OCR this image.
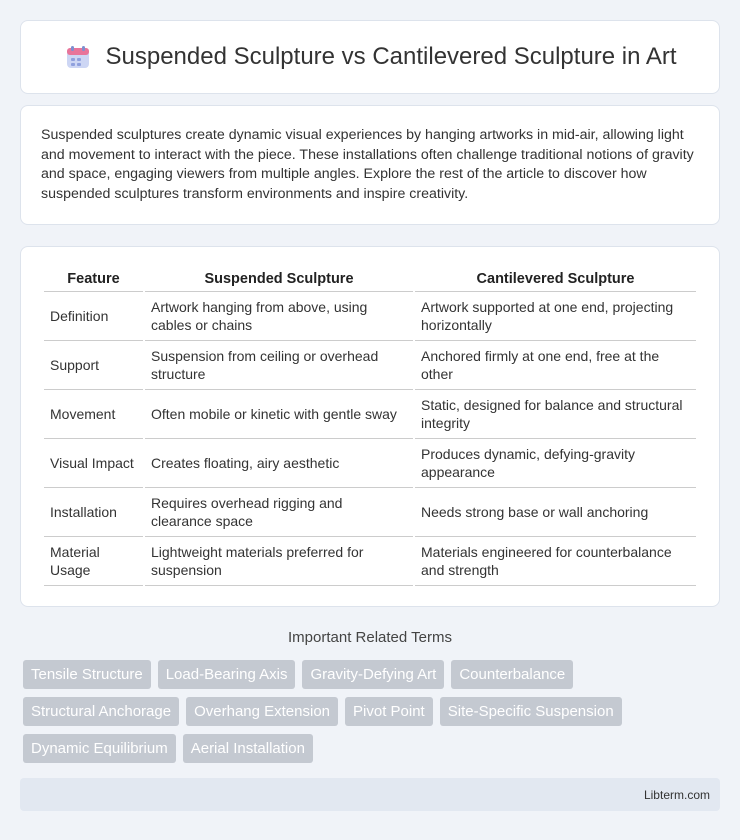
Suspended Sculpture vs Cantilevered Sculpture in Art

Suspended sculptures create dynamic visual experiences by hanging artworks in mid-air, allowing light and movement to interact with the piece. These installations often challenge traditional notions of gravity and space, engaging viewers from multiple angles. Explore the rest of the article to discover how suspended sculptures transform environments and inspire creativity.

Feature	Suspended Sculpture	Cantilevered Sculpture
Definition	Artwork hanging from above, using cables or chains	Artwork supported at one end, projecting horizontally
Support	Suspension from ceiling or overhead structure	Anchored firmly at one end, free at the other
Movement	Often mobile or kinetic with gentle sway	Static, designed for balance and structural integrity
Visual Impact	Creates floating, airy aesthetic	Produces dynamic, defying-gravity appearance
Installation	Requires overhead rigging and clearance space	Needs strong base or wall anchoring
Material Usage	Lightweight materials preferred for suspension	Materials engineered for counterbalance and strength
Important Related Terms
Tensile Structure	Load-Bearing Axis	Gravity-Defying Art	Counterbalance
Structural Anchorage	Overhang Extension	Pivot Point	Site-Specific Suspension
Dynamic Equilibrium	Aerial Installation
Libterm.com
